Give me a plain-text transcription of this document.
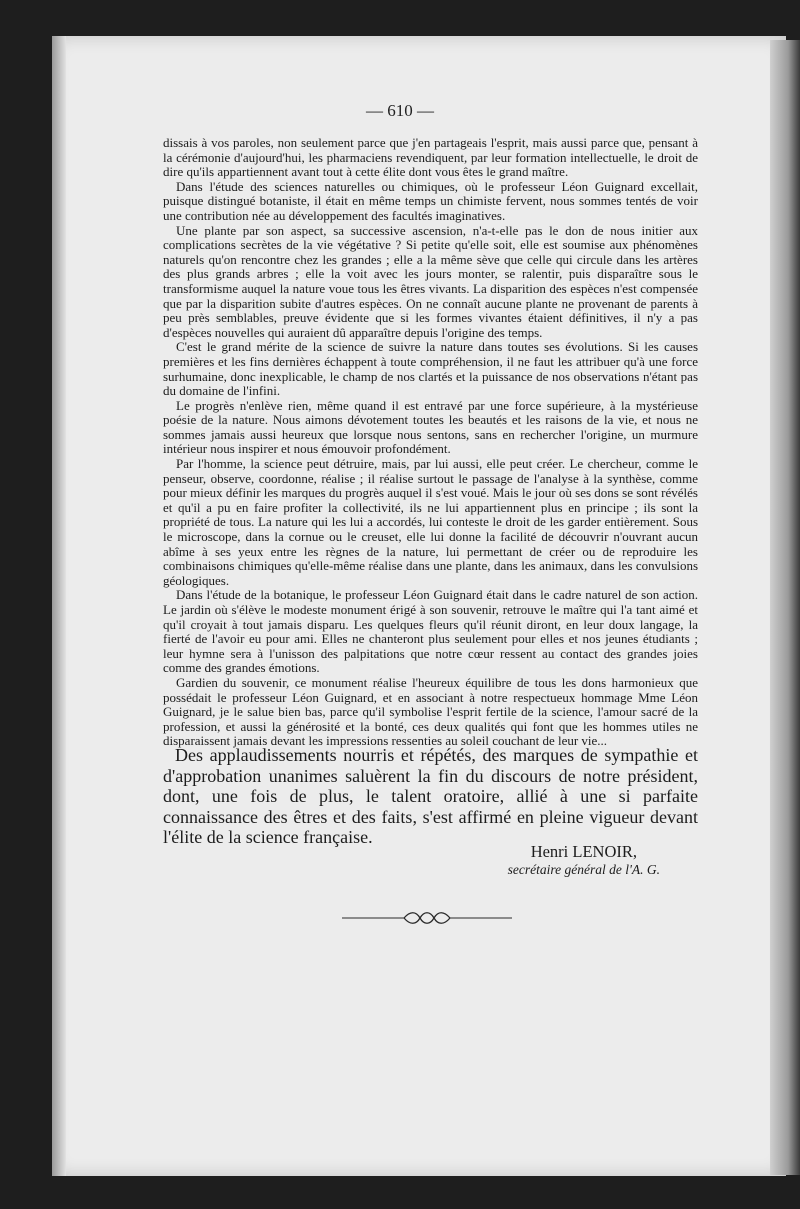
— 610 —

dissais à vos paroles, non seulement parce que j'en partageais l'esprit, mais aussi parce que, pensant à la cérémonie d'aujourd'hui, les pharmaciens revendiquent, par leur formation intellectuelle, le droit de dire qu'ils appartiennent avant tout à cette élite dont vous êtes le grand maître.

Dans l'étude des sciences naturelles ou chimiques, où le professeur Léon Guignard excellait, puisque distingué botaniste, il était en même temps un chimiste fervent, nous sommes tentés de voir une contribution née au développement des facultés imaginatives.

Une plante par son aspect, sa successive ascension, n'a-t-elle pas le don de nous initier aux complications secrètes de la vie végétative ? Si petite qu'elle soit, elle est soumise aux phénomènes naturels qu'on rencontre chez les grandes ; elle a la même sève que celle qui circule dans les artères des plus grands arbres ; elle la voit avec les jours monter, se ralentir, puis disparaître sous le transformisme auquel la nature voue tous les êtres vivants. La disparition des espèces n'est compensée que par la disparition subite d'autres espèces. On ne connaît aucune plante ne provenant de parents à peu près semblables, preuve évidente que si les formes vivantes étaient définitives, il n'y a pas d'espèces nouvelles qui auraient dû apparaître depuis l'origine des temps.

C'est le grand mérite de la science de suivre la nature dans toutes ses évolutions. Si les causes premières et les fins dernières échappent à toute compréhension, il ne faut les attribuer qu'à une force surhumaine, donc inexplicable, le champ de nos clartés et la puissance de nos observations n'étant pas du domaine de l'infini.

Le progrès n'enlève rien, même quand il est entravé par une force supérieure, à la mystérieuse poésie de la nature. Nous aimons dévotement toutes les beautés et les raisons de la vie, et nous ne sommes jamais aussi heureux que lorsque nous sentons, sans en rechercher l'origine, un murmure intérieur nous inspirer et nous émouvoir profondément.

Par l'homme, la science peut détruire, mais, par lui aussi, elle peut créer. Le chercheur, comme le penseur, observe, coordonne, réalise ; il réalise surtout le passage de l'analyse à la synthèse, comme pour mieux définir les marques du progrès auquel il s'est voué. Mais le jour où ses dons se sont révélés et qu'il a pu en faire profiter la collectivité, ils ne lui appartiennent plus en principe ; ils sont la propriété de tous. La nature qui les lui a accordés, lui conteste le droit de les garder entièrement. Sous le microscope, dans la cornue ou le creuset, elle lui donne la facilité de découvrir n'ouvrant aucun abîme à ses yeux entre les règnes de la nature, lui permettant de créer ou de reproduire les combinaisons chimiques qu'elle-même réalise dans une plante, dans les animaux, dans les convulsions géologiques.

Dans l'étude de la botanique, le professeur Léon Guignard était dans le cadre naturel de son action. Le jardin où s'élève le modeste monument érigé à son souvenir, retrouve le maître qui l'a tant aimé et qu'il croyait à tout jamais disparu. Les quelques fleurs qu'il réunit diront, en leur doux langage, la fierté de l'avoir eu pour ami. Elles ne chanteront plus seulement pour elles et nos jeunes étudiants ; leur hymne sera à l'unisson des palpitations que notre cœur ressent au contact des grandes joies comme des grandes émotions.

Gardien du souvenir, ce monument réalise l'heureux équilibre de tous les dons harmonieux que possédait le professeur Léon Guignard, et en associant à notre respectueux hommage Mme Léon Guignard, je le salue bien bas, parce qu'il symbolise l'esprit fertile de la science, l'amour sacré de la profession, et aussi la générosité et la bonté, ces deux qualités qui font que les hommes utiles ne disparaissent jamais devant les impressions ressenties au soleil couchant de leur vie...

Des applaudissements nourris et répétés, des marques de sympathie et d'approbation unanimes saluèrent la fin du discours de notre président, dont, une fois de plus, le talent oratoire, allié à une si parfaite connaissance des êtres et des faits, s'est affirmé en pleine vigueur devant l'élite de la science française.

Henri LENOIR,
secrétaire général de l'A. G.
